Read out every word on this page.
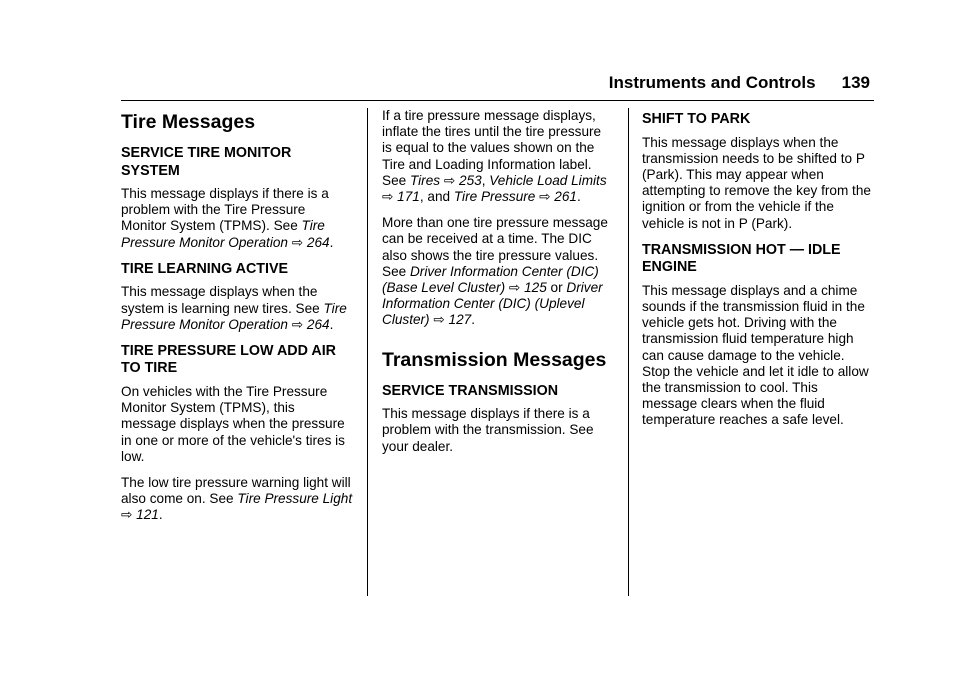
Instruments and Controls 139
Tire Messages
SERVICE TIRE MONITOR SYSTEM

This message displays if there is a problem with the Tire Pressure Monitor System (TPMS). See Tire Pressure Monitor Operation ⇨ 264.

TIRE LEARNING ACTIVE

This message displays when the system is learning new tires. See Tire Pressure Monitor Operation ⇨ 264.

TIRE PRESSURE LOW ADD AIR TO TIRE

On vehicles with the Tire Pressure Monitor System (TPMS), this message displays when the pressure in one or more of the vehicle's tires is low.

The low tire pressure warning light will also come on. See Tire Pressure Light ⇨ 121.

If a tire pressure message displays, inflate the tires until the tire pressure is equal to the values shown on the Tire and Loading Information label. See Tires ⇨ 253, Vehicle Load Limits ⇨ 171, and Tire Pressure ⇨ 261.

More than one tire pressure message can be received at a time. The DIC also shows the tire pressure values. See Driver Information Center (DIC) (Base Level Cluster) ⇨ 125 or Driver Information Center (DIC) (Uplevel Cluster) ⇨ 127.

Transmission Messages
SERVICE TRANSMISSION

This message displays if there is a problem with the transmission. See your dealer.

SHIFT TO PARK

This message displays when the transmission needs to be shifted to P (Park). This may appear when attempting to remove the key from the ignition or from the vehicle if the vehicle is not in P (Park).

TRANSMISSION HOT — IDLE ENGINE

This message displays and a chime sounds if the transmission fluid in the vehicle gets hot. Driving with the transmission fluid temperature high can cause damage to the vehicle. Stop the vehicle and let it idle to allow the transmission to cool. This message clears when the fluid temperature reaches a safe level.
